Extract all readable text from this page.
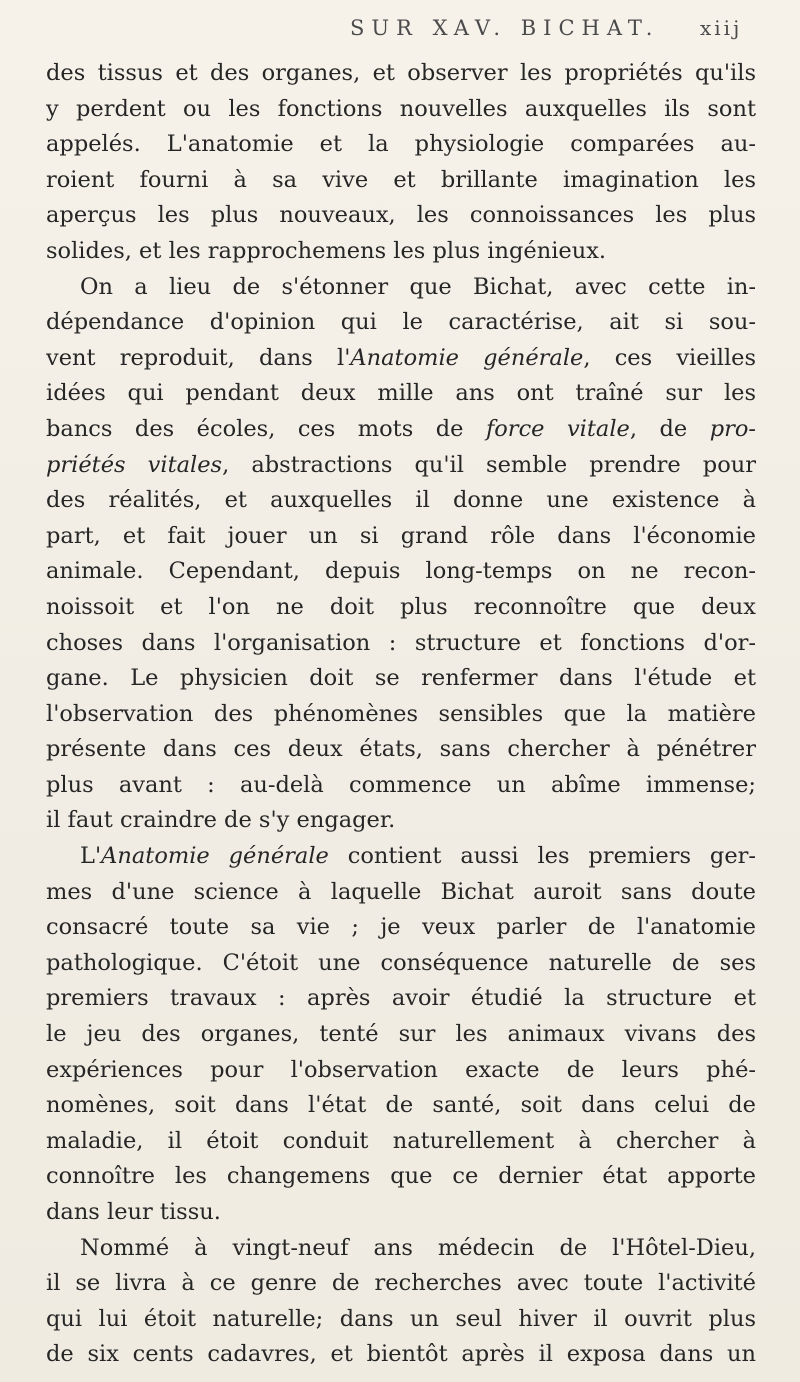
SUR XAV. BICHAT. xiij
des tissus et des organes, et observer les propriétés qu'ils
y perdent ou les fonctions nouvelles auxquelles ils sont
appelés. L'anatomie et la physiologie comparées au-
roient fourni à sa vive et brillante imagination les
aperçus les plus nouveaux, les connoissances les plus
solides, et les rapprochemens les plus ingénieux.
On a lieu de s'étonner que Bichat, avec cette in-
dépendance d'opinion qui le caractérise, ait si sou-
vent reproduit, dans l'Anatomie générale, ces vieilles
idées qui pendant deux mille ans ont traîné sur les
bancs des écoles, ces mots de force vitale, de pro-
priétés vitales, abstractions qu'il semble prendre pour
des réalités, et auxquelles il donne une existence à
part, et fait jouer un si grand rôle dans l'économie
animale. Cependant, depuis long-temps on ne recon-
noissoit et l'on ne doit plus reconnoître que deux
choses dans l'organisation : structure et fonctions d'or-
gane. Le physicien doit se renfermer dans l'étude et
l'observation des phénomènes sensibles que la matière
présente dans ces deux états, sans chercher à pénétrer
plus avant : au-delà commence un abîme immense;
il faut craindre de s'y engager.
L'Anatomie générale contient aussi les premiers ger-
mes d'une science à laquelle Bichat auroit sans doute
consacré toute sa vie ; je veux parler de l'anatomie
pathologique. C'étoit une conséquence naturelle de ses
premiers travaux : après avoir étudié la structure et
le jeu des organes, tenté sur les animaux vivans des
expériences pour l'observation exacte de leurs phé-
nomènes, soit dans l'état de santé, soit dans celui de
maladie, il étoit conduit naturellement à chercher à
connoître les changemens que ce dernier état apporte
dans leur tissu.
Nommé à vingt-neuf ans médecin de l'Hôtel-Dieu,
il se livra à ce genre de recherches avec toute l'activité
qui lui étoit naturelle; dans un seul hiver il ouvrit plus
de six cents cadavres, et bientôt après il exposa dans un
